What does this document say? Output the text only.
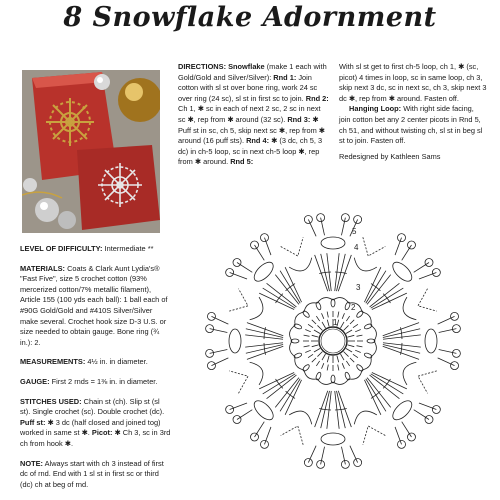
8 Snowflake Adornment

LEVEL OF DIFFICULTY: Intermediate **

MATERIALS: Coats & Clark Aunt Lydia's® "Fast Five", size 5 crochet cotton (93% mercerized cotton/7% metallic filament), Article 155 (100 yds each ball): 1 ball each of #90G Gold/Gold and #410S Silver/Silver make several. Crochet hook size D-3 U.S. or size needed to obtain gauge. Bone ring (¾ in.): 2.

MEASUREMENTS: 4½ in. in diameter.

GAUGE: First 2 rnds = 1⅜ in. in diameter.

STITCHES USED: Chain st (ch). Slip st (sl st). Single crochet (sc). Double crochet (dc). Puff st: ✱ 3 dc (half closed and joined tog) worked in same st ✱. Picot: ✱ Ch 3, sc in 3rd ch from hook ✱.

NOTE: Always start with ch 3 instead of first dc of rnd. End with 1 sl st in first sc or third (dc) ch at beg of rnd.

DIRECTIONS: Snowflake (make 1 each with Gold/Gold and Silver/Silver): Rnd 1: Join cotton with sl st over bone ring, work 24 sc over ring (24 sc), sl st in first sc to join. Rnd 2: Ch 1, ✱ sc in each of next 2 sc, 2 sc in next sc ✱, rep from ✱ around (32 sc). Rnd 3: ✱ Puff st in sc, ch 5, skip next sc ✱, rep from ✱ around (16 puff sts). Rnd 4: ✱ (3 dc, ch 5, 3 dc) in ch-5 loop, sc in next ch-5 loop ✱, rep from ✱ around. Rnd 5:

With sl st get to first ch-5 loop, ch 1, ✱ (sc, picot) 4 times in loop, sc in same loop, ch 3, skip next 3 dc, sc in next sc, ch 3, skip next 3 dc ✱, rep from ✱ around. Fasten off.

Hanging Loop: With right side facing, join cotton bet any 2 center picots in Rnd 5, ch 51, and without twisting ch, sl st in beg sl st to join. Fasten off.

Redesigned by Kathleen Sams

1
2
3
4
5
